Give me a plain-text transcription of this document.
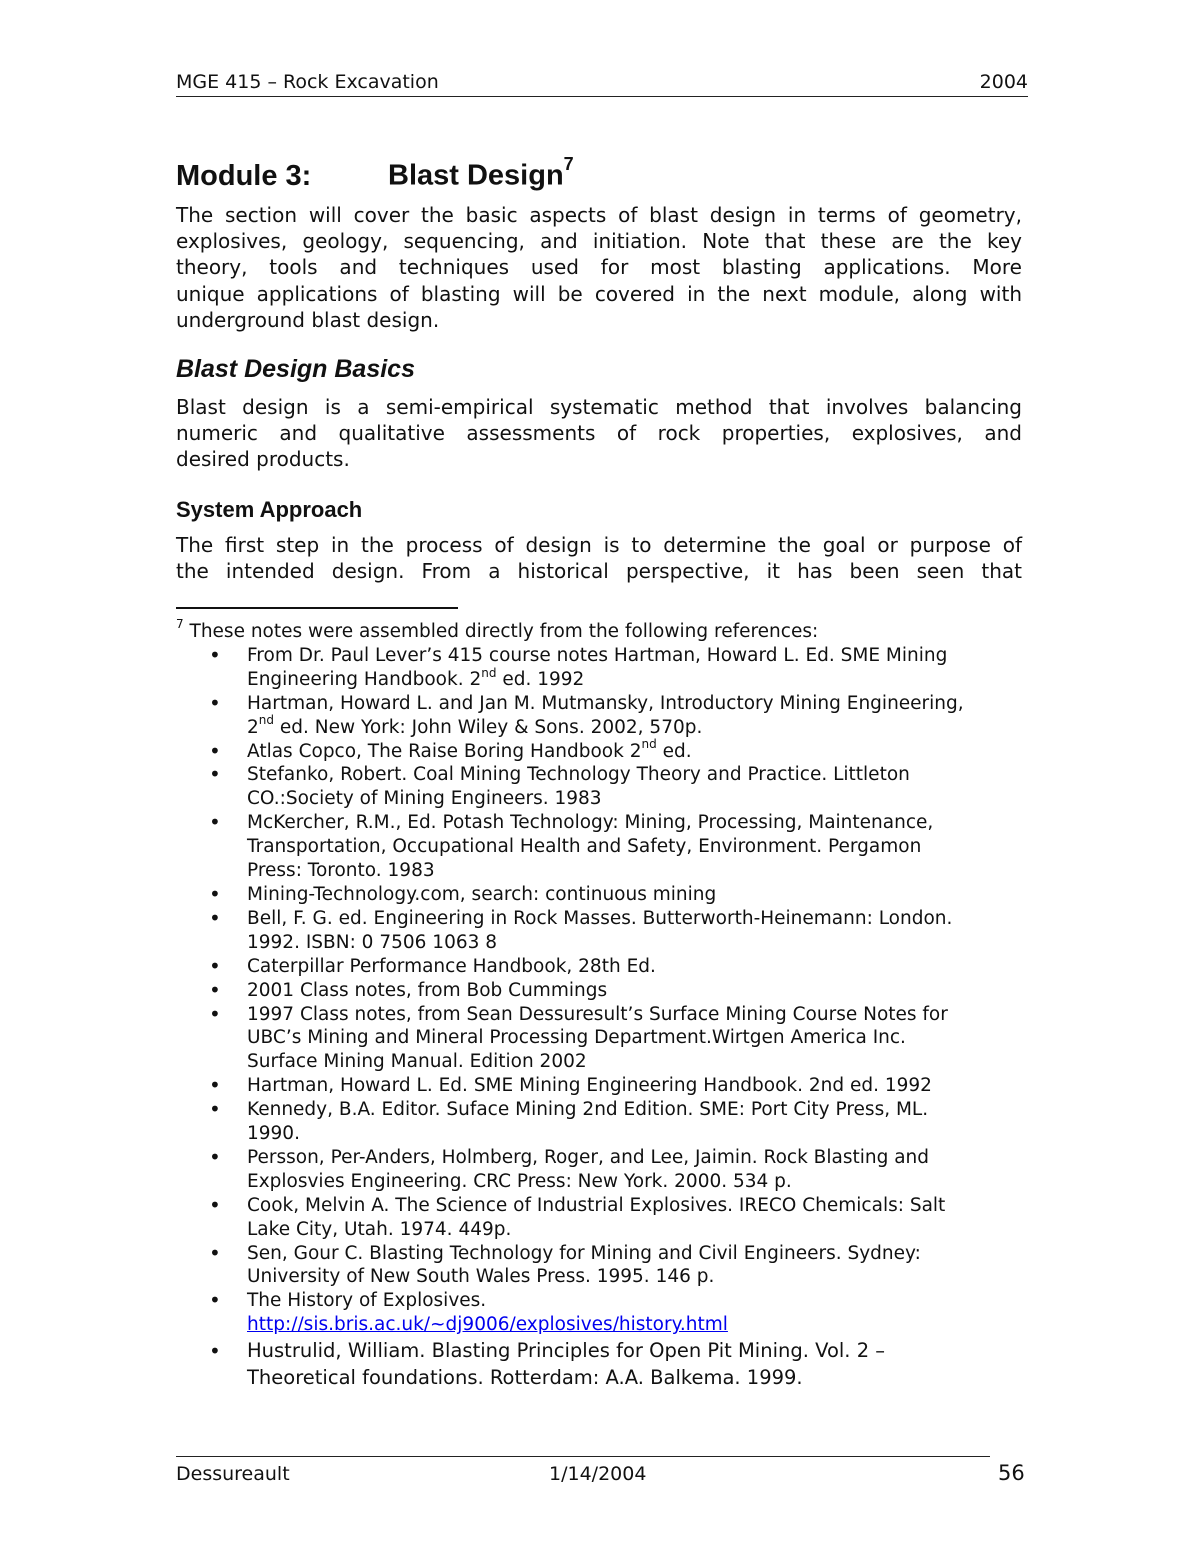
MGE 415 – Rock Excavation	2004
Module 3:	Blast Design$^7$

The section will cover the basic aspects of blast design in terms of geometry,
explosives, geology, sequencing, and initiation. Note that these are the key
theory, tools and techniques used for most blasting applications. More
unique applications of blasting will be covered in the next module, along with
underground blast design.

Blast Design Basics

Blast design is a semi-empirical systematic method that involves balancing
numeric and qualitative assessments of rock properties, explosives, and
desired products.

System Approach

The first step in the process of design is to determine the goal or purpose of
the intended design. From a historical perspective, it has been seen that

$^7$ These notes were assembled directly from the following references:
• From Dr. Paul Lever’s 415 course notes Hartman, Howard L. Ed. SME Mining
Engineering Handbook. 2nd ed. 1992
• Hartman, Howard L. and Jan M. Mutmansky, Introductory Mining Engineering,
2nd ed. New York: John Wiley & Sons. 2002, 570p.
• Atlas Copco, The Raise Boring Handbook 2nd ed.
• Stefanko, Robert. Coal Mining Technology Theory and Practice. Littleton
CO.:Society of Mining Engineers. 1983
• McKercher, R.M., Ed. Potash Technology: Mining, Processing, Maintenance,
Transportation, Occupational Health and Safety, Environment. Pergamon
Press: Toronto. 1983
• Mining-Technology.com, search: continuous mining
• Bell, F. G. ed. Engineering in Rock Masses. Butterworth-Heinemann: London.
1992. ISBN: 0 7506 1063 8
• Caterpillar Performance Handbook, 28th Ed.
• 2001 Class notes, from Bob Cummings
• 1997 Class notes, from Sean Dessuresult’s Surface Mining Course Notes for
UBC’s Mining and Mineral Processing Department.Wirtgen America Inc.
Surface Mining Manual. Edition 2002
• Hartman, Howard L. Ed. SME Mining Engineering Handbook. 2nd ed. 1992
• Kennedy, B.A. Editor. Suface Mining 2nd Edition. SME: Port City Press, ML.
1990.
• Persson, Per-Anders, Holmberg, Roger, and Lee, Jaimin. Rock Blasting and
Explosvies Engineering. CRC Press: New York. 2000. 534 p.
• Cook, Melvin A. The Science of Industrial Explosives. IRECO Chemicals: Salt
Lake City, Utah. 1974. 449p.
• Sen, Gour C. Blasting Technology for Mining and Civil Engineers. Sydney:
University of New South Wales Press. 1995. 146 p.
• The History of Explosives.
http://sis.bris.ac.uk/~dj9006/explosives/history.html
• Hustrulid, William. Blasting Principles for Open Pit Mining. Vol. 2 –
Theoretical foundations. Rotterdam: A.A. Balkema. 1999.
Dessureault	1/14/2004	56
